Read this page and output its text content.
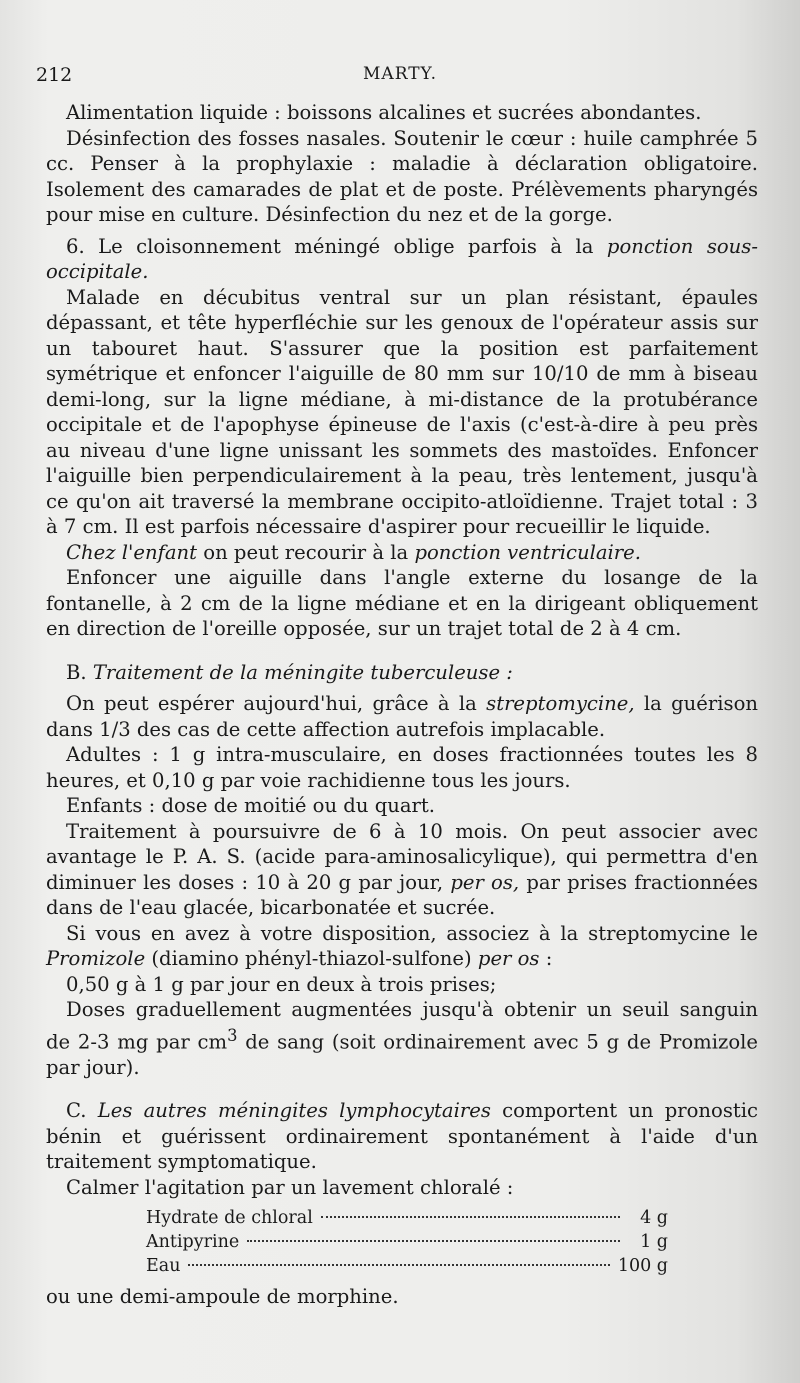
212	MARTY.

Alimentation liquide : boissons alcalines et sucrées abondantes.

Désinfection des fosses nasales. Soutenir le cœur : huile camphrée 5 cc. Penser à la prophylaxie : maladie à déclaration obligatoire. Isolement des camarades de plat et de poste. Prélèvements pharyngés pour mise en culture. Désinfection du nez et de la gorge.

6. Le cloisonnement méningé oblige parfois à la ponction sous-occipitale.

Malade en décubitus ventral sur un plan résistant, épaules dépassant, et tête hyperfléchie sur les genoux de l'opérateur assis sur un tabouret haut. S'assurer que la position est parfaitement symétrique et enfoncer l'aiguille de 80 mm sur 10/10 de mm à biseau demi-long, sur la ligne médiane, à mi-distance de la protubérance occipitale et de l'apophyse épineuse de l'axis (c'est-à-dire à peu près au niveau d'une ligne unissant les sommets des mastoïdes. Enfoncer l'aiguille bien perpendiculairement à la peau, très lentement, jusqu'à ce qu'on ait traversé la membrane occipito-atloïdienne. Trajet total : 3 à 7 cm. Il est parfois nécessaire d'aspirer pour recueillir le liquide.

Chez l'enfant on peut recourir à la ponction ventriculaire.

Enfoncer une aiguille dans l'angle externe du losange de la fontanelle, à 2 cm de la ligne médiane et en la dirigeant obliquement en direction de l'oreille opposée, sur un trajet total de 2 à 4 cm.

B. Traitement de la méningite tuberculeuse :

On peut espérer aujourd'hui, grâce à la streptomycine, la guérison dans 1/3 des cas de cette affection autrefois implacable.

Adultes : 1 g intra-musculaire, en doses fractionnées toutes les 8 heures, et 0,10 g par voie rachidienne tous les jours.

Enfants : dose de moitié ou du quart.

Traitement à poursuivre de 6 à 10 mois. On peut associer avec avantage le P. A. S. (acide para-aminosalicylique), qui permettra d'en diminuer les doses : 10 à 20 g par jour, per os, par prises fractionnées dans de l'eau glacée, bicarbonatée et sucrée.

Si vous en avez à votre disposition, associez à la streptomycine le Promizole (diamino phényl-thiazol-sulfone) per os :

0,50 g à 1 g par jour en deux à trois prises;

Doses graduellement augmentées jusqu'à obtenir un seuil sanguin de 2-3 mg par $cm^3$ de sang (soit ordinairement avec 5 g de Promizole par jour).

C. Les autres méningites lymphocytaires comportent un pronostic bénin et guérissent ordinairement spontanément à l'aide d'un traitement symptomatique.

Calmer l'agitation par un lavement chloralé :

Hydrate de chloral	4 g
Antipyrine	1 g
Eau	100 g

ou une demi-ampoule de morphine.
